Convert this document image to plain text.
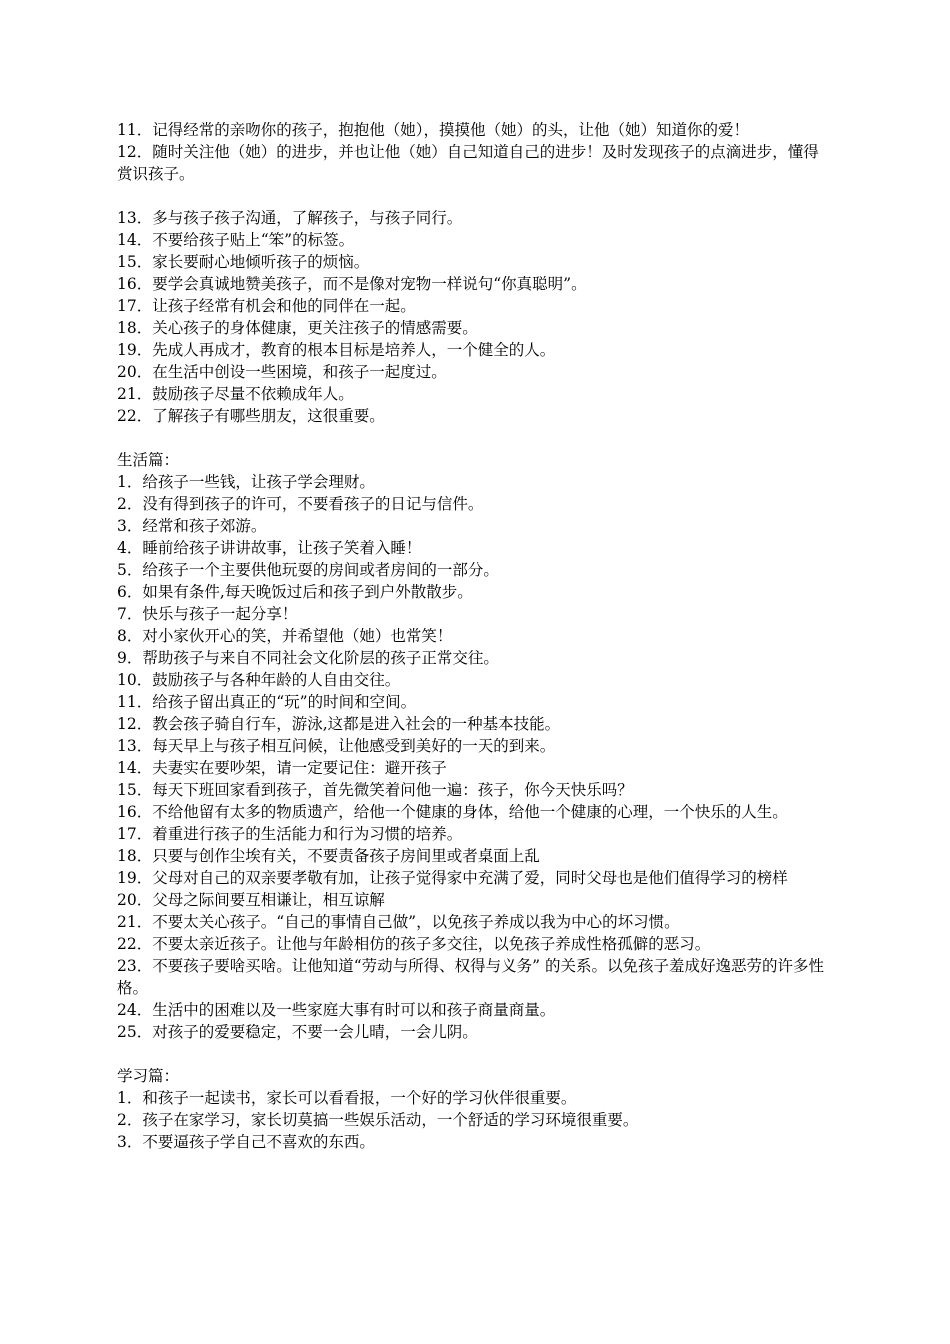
11．记得经常的亲吻你的孩子，抱抱他（她），摸摸他（她）的头，让他（她）知道你的爱！
12．随时关注他（她）的进步，并也让他（她）自己知道自己的进步！及时发现孩子的点滴进步，懂得赏识孩子。
13．多与孩子孩子沟通，了解孩子，与孩子同行。
14．不要给孩子贴上“笨”的标签。
15．家长要耐心地倾听孩子的烦恼。
16．要学会真诚地赞美孩子，而不是像对宠物一样说句“你真聪明”。
17．让孩子经常有机会和他的同伴在一起。
18．关心孩子的身体健康，更关注孩子的情感需要。
19．先成人再成才，教育的根本目标是培养人，一个健全的人。
20．在生活中创设一些困境，和孩子一起度过。
21．鼓励孩子尽量不依赖成年人。
22．了解孩子有哪些朋友，这很重要。
生活篇：
1．给孩子一些钱，让孩子学会理财。
2．没有得到孩子的许可，不要看孩子的日记与信件。
3．经常和孩子郊游。
4．睡前给孩子讲讲故事，让孩子笑着入睡！
5．给孩子一个主要供他玩耍的房间或者房间的一部分。
6．如果有条件,每天晚饭过后和孩子到户外散散步。
7．快乐与孩子一起分享！
8．对小家伙开心的笑，并希望他（她）也常笑！
9．帮助孩子与来自不同社会文化阶层的孩子正常交往。
10．鼓励孩子与各种年龄的人自由交往。
11．给孩子留出真正的“玩”的时间和空间。
12．教会孩子骑自行车，游泳,这都是进入社会的一种基本技能。
13．每天早上与孩子相互问候，让他感受到美好的一天的到来。
14．夫妻实在要吵架，请一定要记住：避开孩子
15．每天下班回家看到孩子，首先微笑着问他一遍：孩子，你今天快乐吗？
16．不给他留有太多的物质遗产，给他一个健康的身体，给他一个健康的心理，一个快乐的人生。
17．着重进行孩子的生活能力和行为习惯的培养。
18．只要与创作尘埃有关，不要责备孩子房间里或者桌面上乱
19．父母对自己的双亲要孝敬有加，让孩子觉得家中充满了爱，同时父母也是他们值得学习的榜样
20．父母之际间要互相谦让，相互谅解
21．不要太关心孩子。“自己的事情自己做”，以免孩子养成以我为中心的坏习惯。
22．不要太亲近孩子。让他与年龄相仿的孩子多交往，以免孩子养成性格孤僻的恶习。
23．不要孩子要啥买啥。让他知道“劳动与所得、权得与义务” 的关系。以免孩子羞成好逸恶劳的许多性格。
24．生活中的困难以及一些家庭大事有时可以和孩子商量商量。
25．对孩子的爱要稳定，不要一会儿晴，一会儿阴。
学习篇：
1．和孩子一起读书，家长可以看看报，一个好的学习伙伴很重要。
2．孩子在家学习，家长切莫搞一些娱乐活动，一个舒适的学习环境很重要。
3．不要逼孩子学自己不喜欢的东西。
